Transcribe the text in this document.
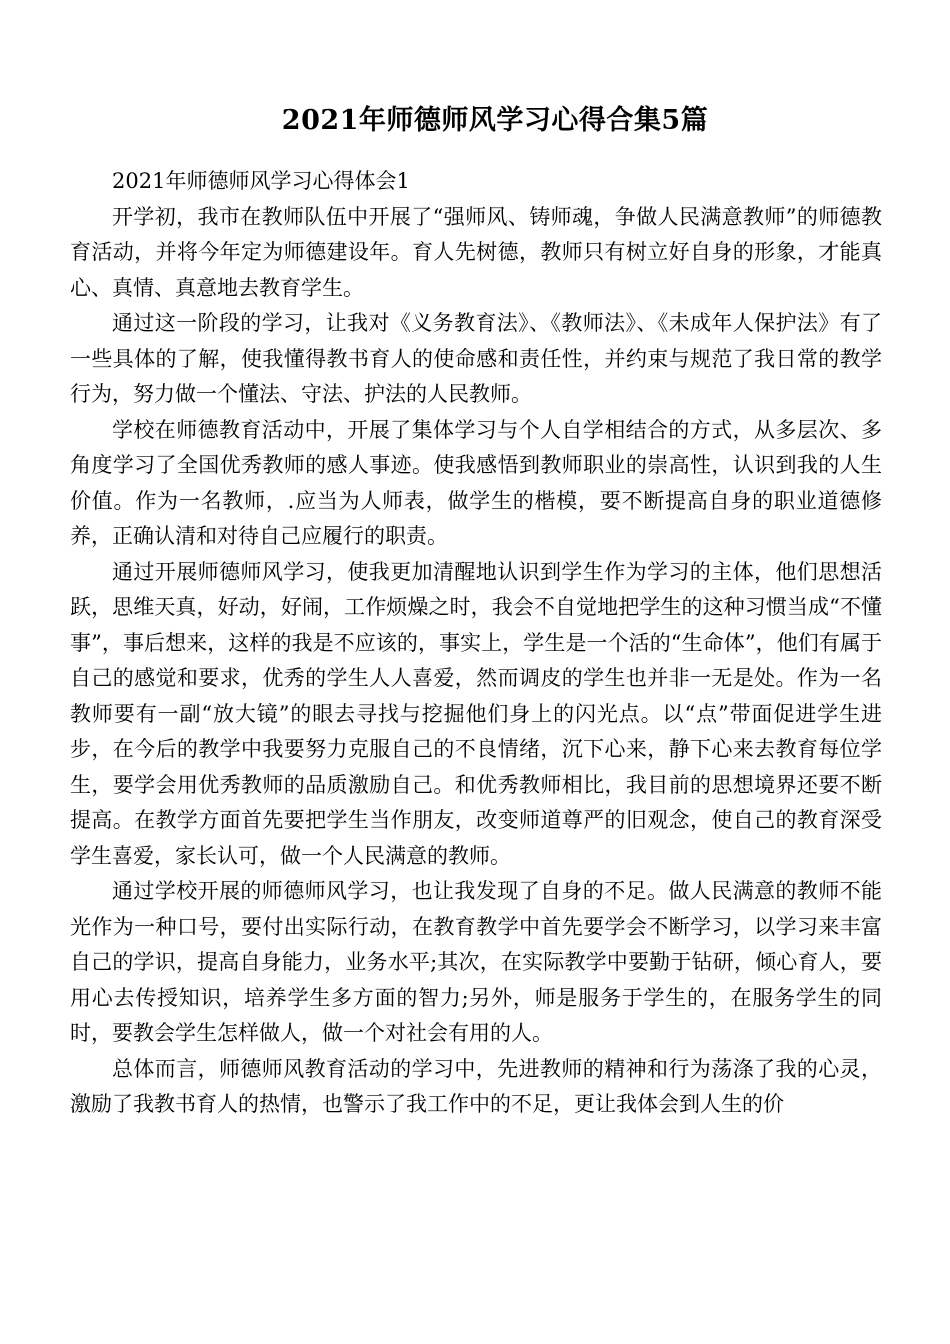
2021年师德师风学习心得合集5篇

2021年师德师风学习心得体会1

开学初，我市在教师队伍中开展了“强师风、铸师魂，争做人民满意教师”的师德教育活动，并将今年定为师德建设年。育人先树德，教师只有树立好自身的形象，才能真心、真情、真意地去教育学生。

通过这一阶段的学习，让我对《义务教育法》、《教师法》、《未成年人保护法》有了一些具体的了解，使我懂得教书育人的使命感和责任性，并约束与规范了我日常的教学行为，努力做一个懂法、守法、护法的人民教师。

学校在师德教育活动中，开展了集体学习与个人自学相结合的方式，从多层次、多角度学习了全国优秀教师的感人事迹。使我感悟到教师职业的崇高性，认识到我的人生价值。作为一名教师，.应当为人师表，做学生的楷模，要不断提高自身的职业道德修养，正确认清和对待自己应履行的职责。

通过开展师德师风学习，使我更加清醒地认识到学生作为学习的主体，他们思想活跃，思维天真，好动，好闹，工作烦燥之时，我会不自觉地把学生的这种习惯当成“不懂事”，事后想来，这样的我是不应该的，事实上，学生是一个活的“生命体”，他们有属于自己的感觉和要求，优秀的学生人人喜爱，然而调皮的学生也并非一无是处。作为一名教师要有一副“放大镜”的眼去寻找与挖掘他们身上的闪光点。以“点”带面促进学生进步，在今后的教学中我要努力克服自己的不良情绪，沉下心来，静下心来去教育每位学生，要学会用优秀教师的品质激励自己。和优秀教师相比，我目前的思想境界还要不断提高。在教学方面首先要把学生当作朋友，改变师道尊严的旧观念，使自己的教育深受学生喜爱，家长认可，做一个人民满意的教师。

通过学校开展的师德师风学习，也让我发现了自身的不足。做人民满意的教师不能光作为一种口号，要付出实际行动，在教育教学中首先要学会不断学习，以学习来丰富自己的学识，提高自身能力，业务水平;其次，在实际教学中要勤于钻研，倾心育人，要用心去传授知识，培养学生多方面的智力;另外，师是服务于学生的，在服务学生的同时，要教会学生怎样做人，做一个对社会有用的人。

总体而言，师德师风教育活动的学习中，先进教师的精神和行为荡涤了我的心灵，激励了我教书育人的热情，也警示了我工作中的不足，更让我体会到人生的价
